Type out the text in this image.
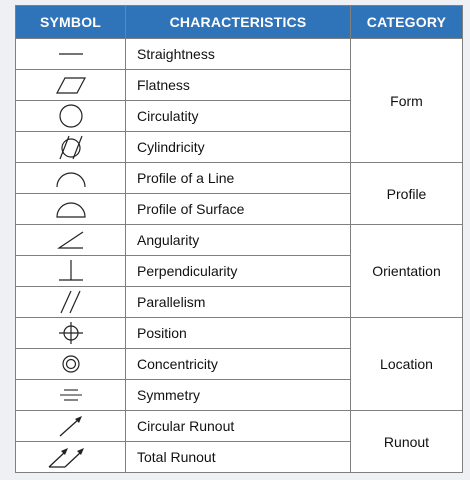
SYMBOL	CHARACTERISTICS	CATEGORY

	Straightness	Form

	Flatness	

	Circulatity	

	Cylindricity	

	Profile of a Line	Profile

	Profile of Surface	

	Angularity	Orientation

	Perpendicularity	

	Parallelism	

	Position	Location

	Concentricity	

	Symmetry	

	Circular Runout	Runout

	Total Runout	
